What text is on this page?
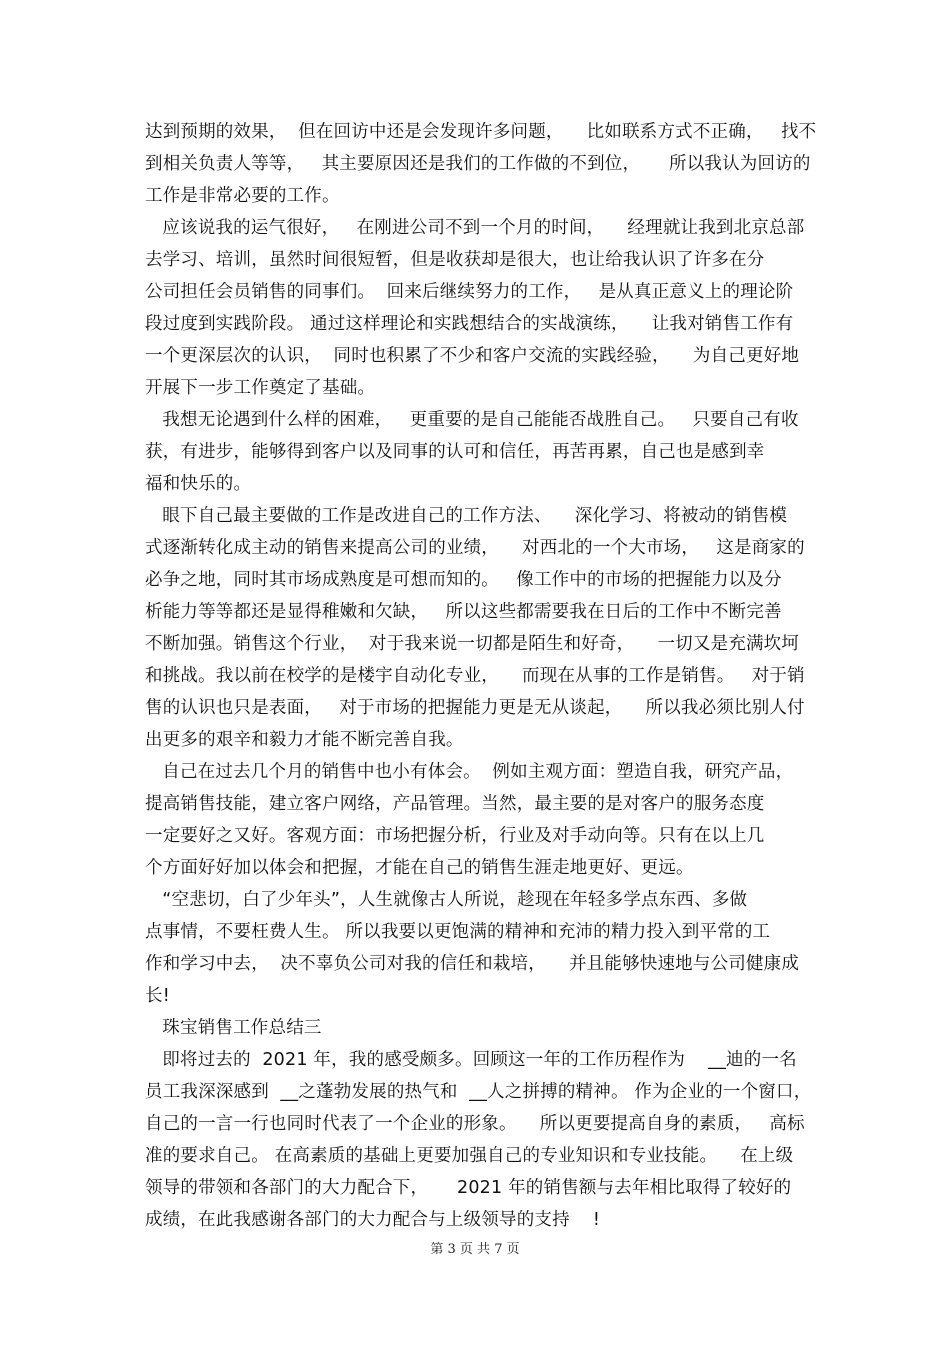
达到预期的效果，  但在回访中还是会发现许多问题，    比如联系方式不正确，   找不
到相关负责人等等，   其主要原因还是我们的工作做的不到位，     所以我认为回访的
工作是非常必要的工作。
应该说我的运气很好，   在刚进公司不到一个月的时间，    经理就让我到北京总部
去学习、培训，虽然时间很短暂，但是收获却是很大，也让给我认识了许多在分
公司担任会员销售的同事们。  回来后继续努力的工作，   是从真正意义上的理论阶
段过度到实践阶段。 通过这样理论和实践想结合的实战演练，    让我对销售工作有
一个更深层次的认识，  同时也积累了不少和客户交流的实践经验，    为自己更好地
开展下一步工作奠定了基础。
我想无论遇到什么样的困难，   更重要的是自己能能否战胜自己。   只要自己有收
获，有进步，能够得到客户以及同事的认可和信任，再苦再累，自己也是感到幸
福和快乐的。
眼下自己最主要做的工作是改进自己的工作方法、    深化学习、将被动的销售模
式逐渐转化成主动的销售来提高公司的业绩，    对西北的一个大市场，   这是商家的
必争之地，同时其市场成熟度是可想而知的。   像工作中的市场的把握能力以及分
析能力等等都还是显得稚嫩和欠缺，   所以这些都需要我在日后的工作中不断完善
不断加强。销售这个行业，  对于我来说一切都是陌生和好奇，    一切又是充满坎坷
和挑战。我以前在校学的是楼宇自动化专业，    而现在从事的工作是销售。   对于销
售的认识也只是表面，   对于市场的把握能力更是无从谈起，    所以我必须比别人付
出更多的艰辛和毅力才能不断完善自我。
自己在过去几个月的销售中也小有体会。  例如主观方面：塑造自我，研究产品，
提高销售技能，建立客户网络，产品管理。当然，最主要的是对客户的服务态度
一定要好之又好。客观方面：市场把握分析，行业及对手动向等。只有在以上几
个方面好好加以体会和把握，才能在自己的销售生涯走地更好、更远。
“空悲切，白了少年头”，人生就像古人所说，趁现在年轻多学点东西、多做
点事情，不要枉费人生。 所以我要以更饱满的精神和充沛的精力投入到平常的工
作和学习中去，  决不辜负公司对我的信任和栽培，    并且能够快速地与公司健康成
长!
珠宝销售工作总结三
即将过去的  2021 年，我的感受颇多。回顾这一年的工作历程作为    __迪的一名
员工我深深感到  __之蓬勃发展的热气和  __人之拼搏的精神。 作为企业的一个窗口，
自己的一言一行也同时代表了一个企业的形象。    所以更要提高自身的素质，   高标
准的要求自己。 在高素质的基础上更要加强自己的专业知识和专业技能。    在上级
领导的带领和各部门的大力配合下，     2021 年的销售额与去年相比取得了较好的
成绩，在此我感谢各部门的大力配合与上级领导的支持    !
第 3 页 共 7 页
